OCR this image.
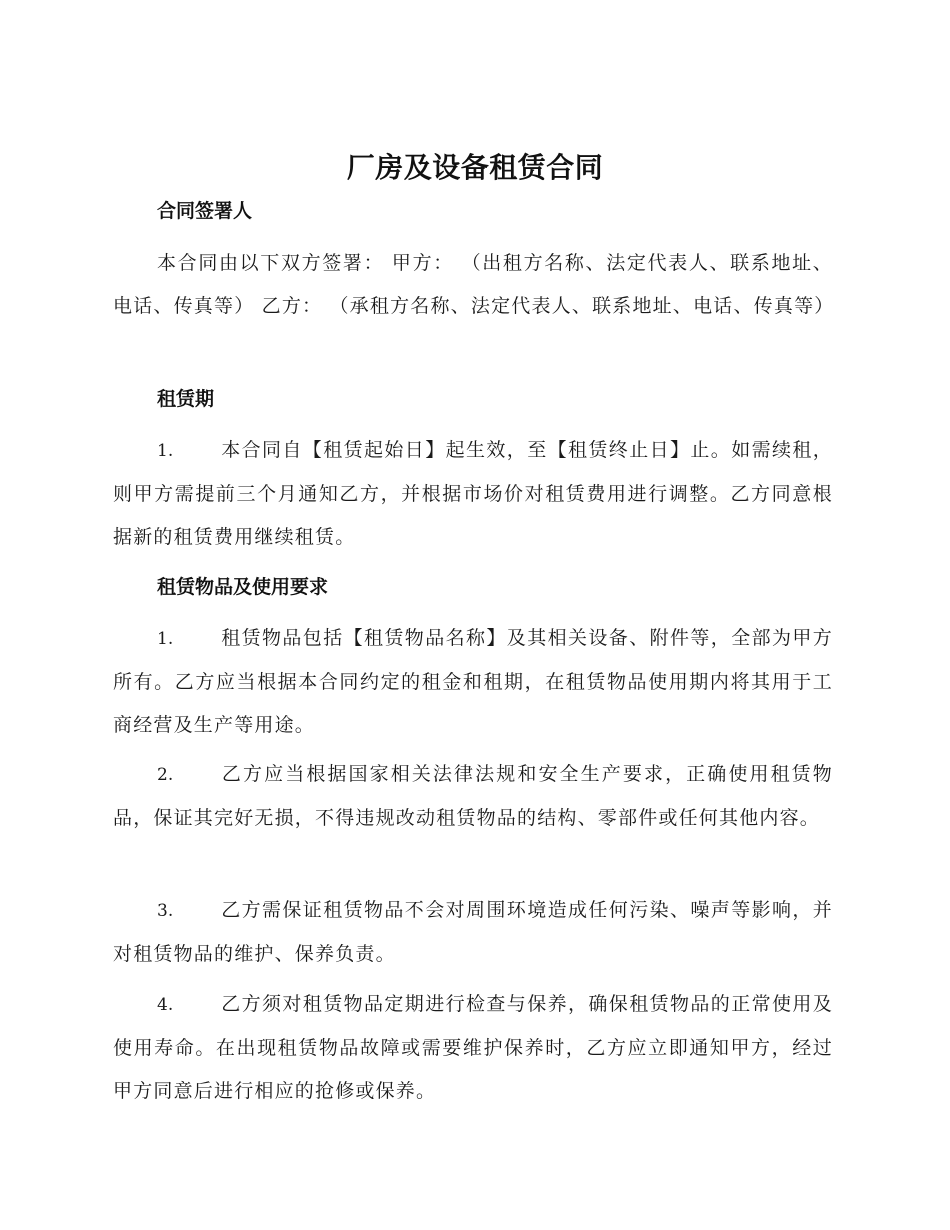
厂房及设备租赁合同
合同签署人
本合同由以下双方签署： 甲方： （出租方名称、法定代表人、联系地址、电话、传真等） 乙方： （承租方名称、法定代表人、联系地址、电话、传真等）
租赁期
1.	本合同自【租赁起始日】起生效，至【租赁终止日】止。如需续租，则甲方需提前三个月通知乙方，并根据市场价对租赁费用进行调整。乙方同意根据新的租赁费用继续租赁。
租赁物品及使用要求
1.	租赁物品包括【租赁物品名称】及其相关设备、附件等，全部为甲方所有。乙方应当根据本合同约定的租金和租期，在租赁物品使用期内将其用于工商经营及生产等用途。
2.	乙方应当根据国家相关法律法规和安全生产要求，正确使用租赁物品，保证其完好无损，不得违规改动租赁物品的结构、零部件或任何其他内容。
3.	乙方需保证租赁物品不会对周围环境造成任何污染、噪声等影响，并对租赁物品的维护、保养负责。
4.	乙方须对租赁物品定期进行检查与保养，确保租赁物品的正常使用及使用寿命。在出现租赁物品故障或需要维护保养时，乙方应立即通知甲方，经过甲方同意后进行相应的抢修或保养。
